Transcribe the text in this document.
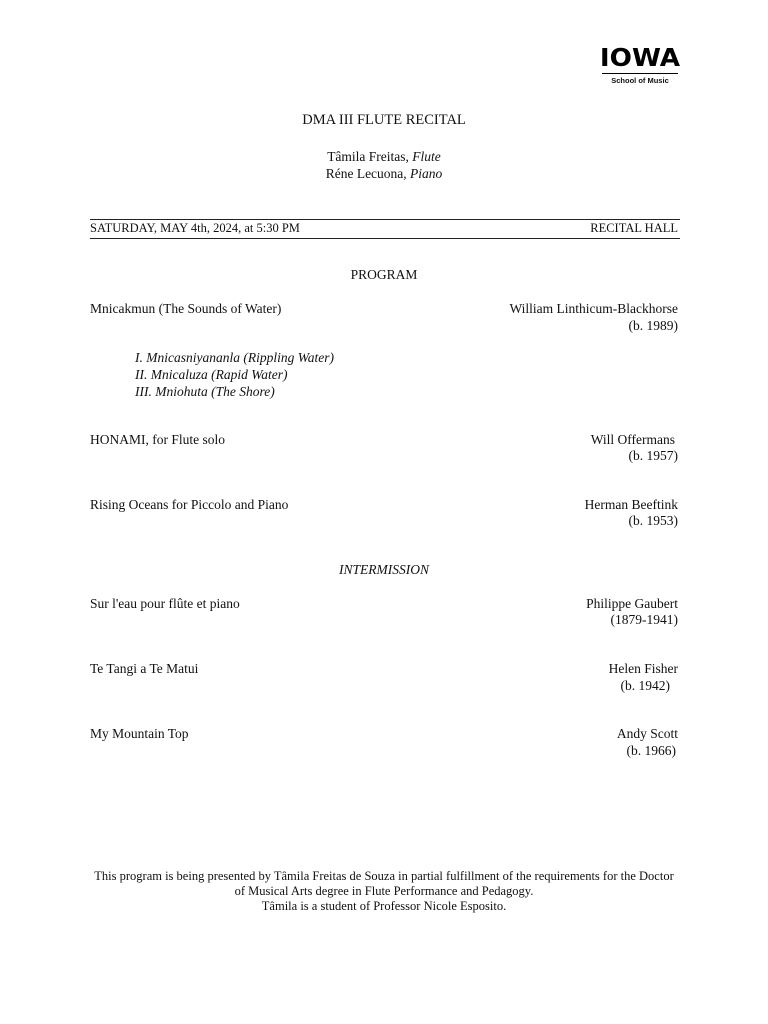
IOWA
School of Music
DMA III FLUTE RECITAL
Tâmila Freitas, Flute
Réne Lecuona, Piano
SATURDAY, MAY 4th, 2024, at 5:30 PM	RECITAL HALL
PROGRAM
Mnicakmun (The Sounds of Water)	William Linthicum-Blackhorse
(b. 1989)
I. Mnicasniyananla (Rippling Water)
II. Mnicaluza (Rapid Water)
III. Mniohuta (The Shore)
HONAMI, for Flute solo	Will Offermans
(b. 1957)
Rising Oceans for Piccolo and Piano	Herman Beeftink
(b. 1953)
INTERMISSION
Sur l'eau pour flûte et piano	Philippe Gaubert
(1879-1941)
Te Tangi a Te Matui	Helen Fisher
(b. 1942)
My Mountain Top	Andy Scott
(b. 1966)
This program is being presented by Tâmila Freitas de Souza in partial fulfillment of the requirements for the Doctor
of Musical Arts degree in Flute Performance and Pedagogy.
Tâmila is a student of Professor Nicole Esposito.
